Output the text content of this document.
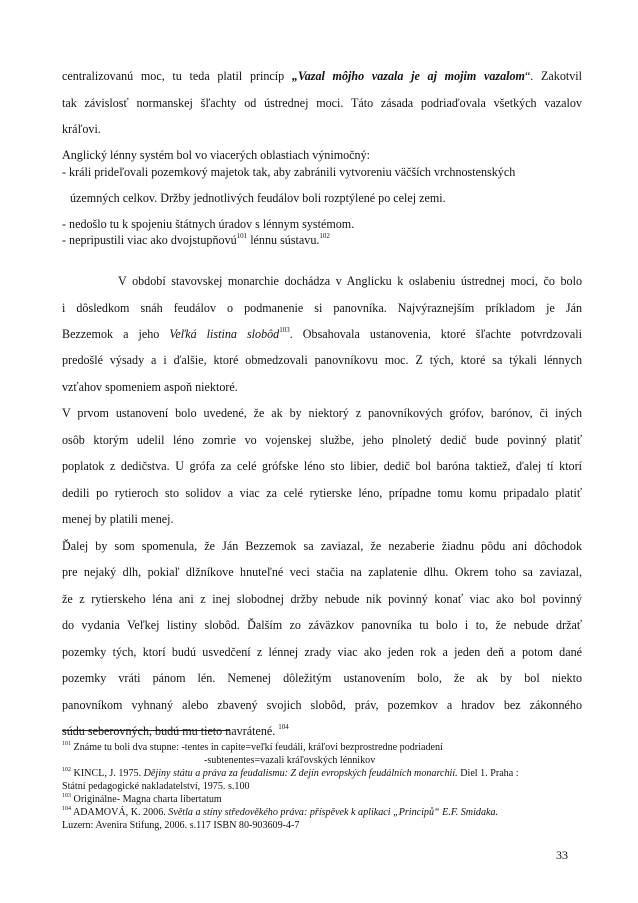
centralizovanú moc, tu teda platil princíp „Vazal môjho vazala je aj mojim vazalom“. Zakotvil
tak závislosť normanskej šľachty od ústrednej moci. Táto zásada podriaďovala všetkých vazalov
kráľovi.
Anglický lénny systém bol vo viacerých oblastiach výnimočný:
- králi prideľovali pozemkový majetok tak, aby zabránili vytvoreniu väčších vrchnostenských
územných celkov. Držby jednotlivých feudálov boli rozptýlené po celej zemi.
- nedošlo tu k spojeniu štátnych úradov s lénnym systémom.
- nepripustili viac ako dvojstupňovú$^{101}$ lénnu sústavu.$^{102}$
V období stavovskej monarchie dochádza v Anglicku k oslabeniu ústrednej moci, čo bolo
i dôsledkom snáh feudálov o podmanenie si panovníka. Najvýraznejším príkladom je Ján
Bezzemok a jeho Veľká listina slobôd$^{103}$. Obsahovala ustanovenia, ktoré šľachte potvrdzovali
predošlé výsady a i ďalšie, ktoré obmedzovali panovníkovu moc. Z tých, ktoré sa týkali lénnych
vzťahov spomeniem aspoň niektoré.
V prvom ustanovení bolo uvedené, že ak by niektorý z panovníkových grófov, barónov, či iných
osôb ktorým udelil léno zomrie vo vojenskej službe, jeho plnoletý dedič bude povinný platiť
poplatok z dedičstva. U grófa za celé grófske léno sto libier, dedič bol baróna taktiež, ďalej tí ktorí
dedili po rytieroch sto solidov a viac za celé rytierske léno, prípadne tomu komu pripadalo platiť
menej by platili menej.
Ďalej by som spomenula, že Ján Bezzemok sa zaviazal, že nezaberie žiadnu pôdu ani dôchodok
pre nejaký dlh, pokiaľ dlžníkove hnuteľné veci stačia na zaplatenie dlhu. Okrem toho sa zaviazal,
že z rytierskeho léna ani z inej slobodnej držby nebude nik povinný konať viac ako bol povinný
do vydania Veľkej listiny slobôd. Ďalším zo záväzkov panovníka tu bolo i to, že nebude držať
pozemky tých, ktorí budú usvedčení z lénnej zrady viac ako jeden rok a jeden deň a potom dané
pozemky vráti pánom lén. Nemenej dôležitým ustanovením bolo, že ak by bol niekto
panovníkom vyhnaný alebo zbavený svojich slobôd, práv, pozemkov a hradov bez zákonného
súdu seberovných, budú mu tieto navrátené. $^{104}$
$^{101}$ Známe tu boli dva stupne: -tentes in capite=veľkí feudáli, kráľovi bezprostredne podriadení
-subtenentes=vazali kráľovských lénnikov
$^{102}$ KINCL, J. 1975. Dějiny státu a práva za feudalismu: Z dejín evropských feudálních monarchií. Diel 1. Praha :
Státní pedagogické nakladatelství, 1975. s.100
$^{103}$ Originálne- Magna charta libertatum
$^{104}$ ADAMOVÁ, K. 2006. Světla a stíny středověkého práva: příspěvek k aplikaci „Principů“ E.F. Smidaka.
Luzern: Avenira Stifung, 2006. s.117 ISBN 80-903609-4-7
33
